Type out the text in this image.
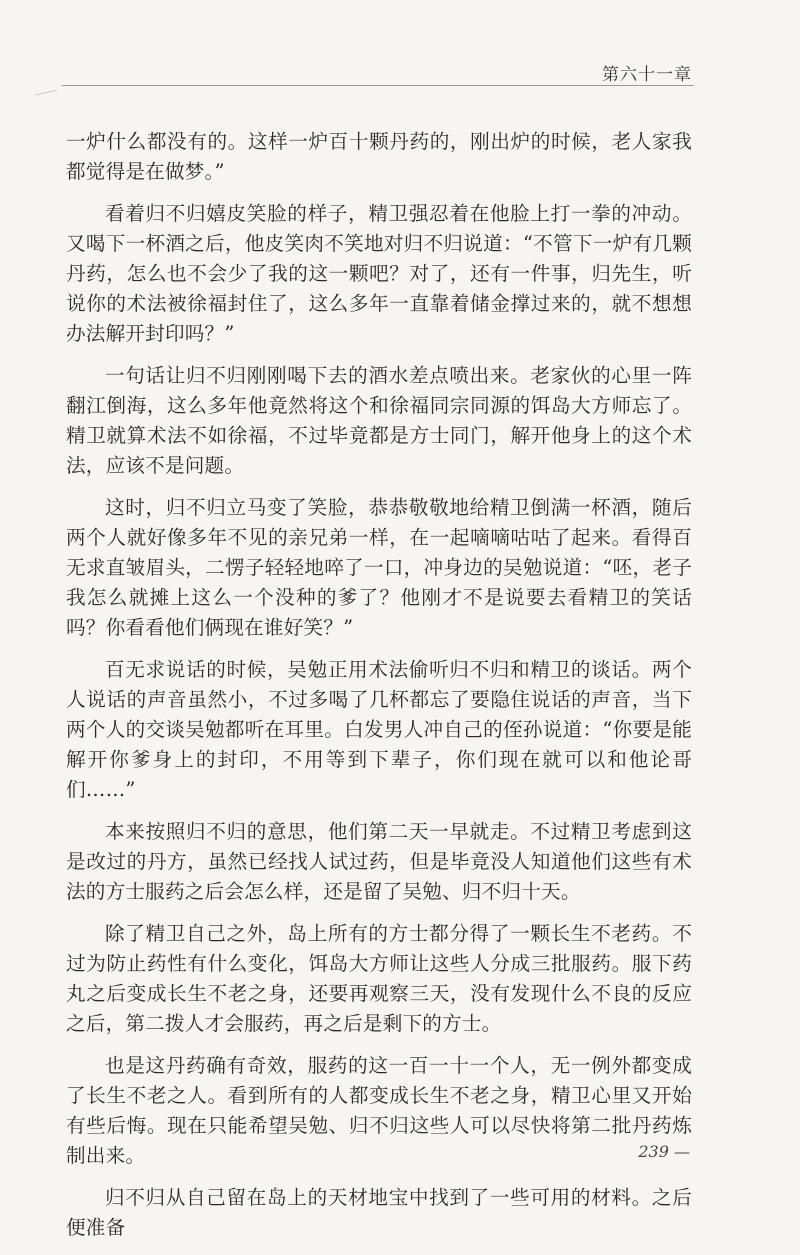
第六十一章

一炉什么都没有的。这样一炉百十颗丹药的，刚出炉的时候，老人家我都觉得是在做梦。”

看着归不归嬉皮笑脸的样子，精卫强忍着在他脸上打一拳的冲动。又喝下一杯酒之后，他皮笑肉不笑地对归不归说道：“不管下一炉有几颗丹药，怎么也不会少了我的这一颗吧？对了，还有一件事，归先生，听说你的术法被徐福封住了，这么多年一直靠着储金撑过来的，就不想想办法解开封印吗？”

一句话让归不归刚刚喝下去的酒水差点喷出来。老家伙的心里一阵翻江倒海，这么多年他竟然将这个和徐福同宗同源的饵岛大方师忘了。精卫就算术法不如徐福，不过毕竟都是方士同门，解开他身上的这个术法，应该不是问题。

这时，归不归立马变了笑脸，恭恭敬敬地给精卫倒满一杯酒，随后两个人就好像多年不见的亲兄弟一样，在一起嘀嘀咕咕了起来。看得百无求直皱眉头，二愣子轻轻地啐了一口，冲身边的吴勉说道：“呸，老子我怎么就摊上这么一个没种的爹了？他刚才不是说要去看精卫的笑话吗？你看看他们俩现在谁好笑？”

百无求说话的时候，吴勉正用术法偷听归不归和精卫的谈话。两个人说话的声音虽然小，不过多喝了几杯都忘了要隐住说话的声音，当下两个人的交谈吴勉都听在耳里。白发男人冲自己的侄孙说道：“你要是能解开你爹身上的封印，不用等到下辈子，你们现在就可以和他论哥们……”

本来按照归不归的意思，他们第二天一早就走。不过精卫考虑到这是改过的丹方，虽然已经找人试过药，但是毕竟没人知道他们这些有术法的方士服药之后会怎么样，还是留了吴勉、归不归十天。

除了精卫自己之外，岛上所有的方士都分得了一颗长生不老药。不过为防止药性有什么变化，饵岛大方师让这些人分成三批服药。服下药丸之后变成长生不老之身，还要再观察三天，没有发现什么不良的反应之后，第二拨人才会服药，再之后是剩下的方士。

也是这丹药确有奇效，服药的这一百一十一个人，无一例外都变成了长生不老之人。看到所有的人都变成长生不老之身，精卫心里又开始有些后悔。现在只能希望吴勉、归不归这些人可以尽快将第二批丹药炼制出来。

归不归从自己留在岛上的天材地宝中找到了一些可用的材料。之后便准备

239 —
